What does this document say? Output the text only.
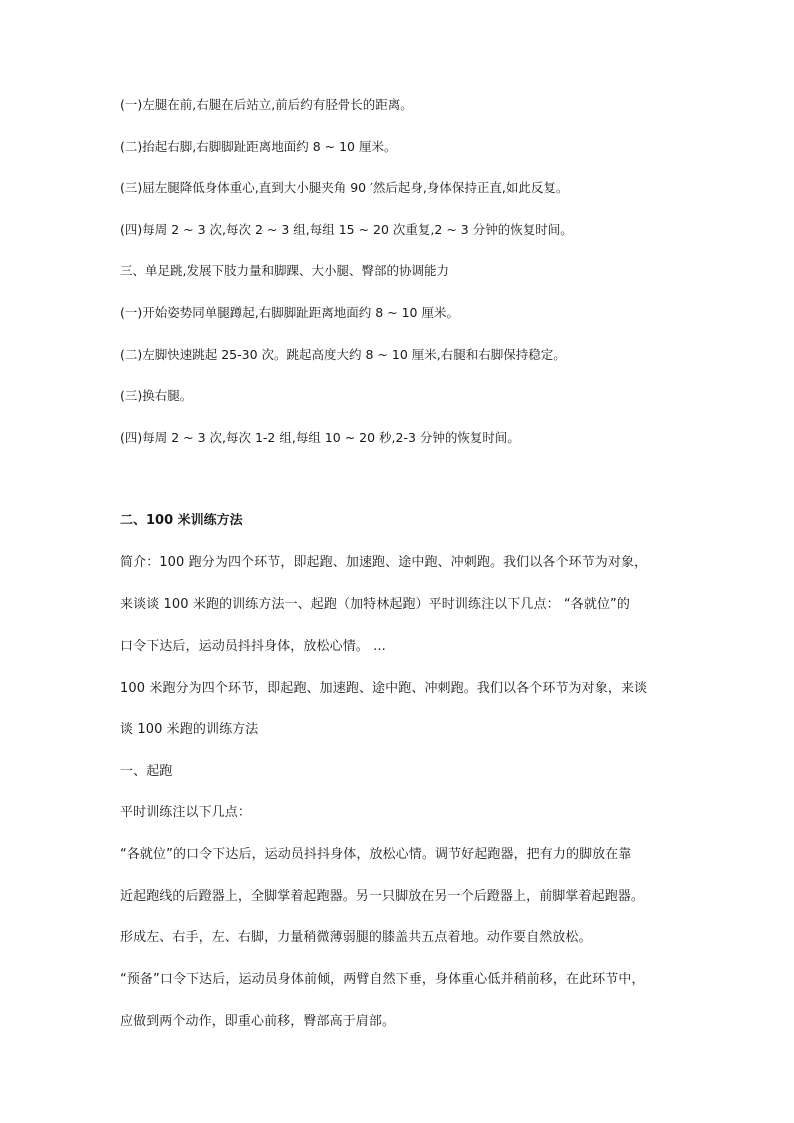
(一)左腿在前,右腿在后站立,前后约有胫骨长的距离。
(二)抬起右脚,右脚脚趾距离地面约 8 ~ 10 厘米。
(三)屈左腿降低身体重心,直到大小腿夹角 90 ′然后起身,身体保持正直,如此反复。
(四)每周 2 ~ 3 次,每次 2 ~ 3 组,每组 15 ~ 20 次重复,2 ~ 3 分钟的恢复时间。
三、单足跳,发展下肢力量和脚踝、大小腿、臀部的协调能力
(一)开始姿势同单腿蹲起,右脚脚趾距离地面约 8 ~ 10 厘米。
(二)左脚快速跳起 25-30 次。跳起高度大约 8 ~ 10 厘米,右腿和右脚保持稳定。
(三)换右腿。
(四)每周 2 ~ 3 次,每次 1-2 组,每组 10 ~ 20 秒,2-3 分钟的恢复时间。
二、100 米训练方法
简介：100 跑分为四个环节，即起跑、加速跑、途中跑、冲刺跑。我们以各个环节为对象，
来谈谈 100 米跑的训练方法一、起跑（加特林起跑）平时训练注以下几点： “各就位”的
口令下达后，运动员抖抖身体，放松心情。 ...
100 米跑分为四个环节，即起跑、加速跑、途中跑、冲刺跑。我们以各个环节为对象，来谈
谈 100 米跑的训练方法
一、起跑
平时训练注以下几点：
“各就位”的口令下达后，运动员抖抖身体，放松心情。调节好起跑器，把有力的脚放在靠
近起跑线的后蹬器上，全脚掌着起跑器。另一只脚放在另一个后蹬器上，前脚掌着起跑器。
形成左、右手，左、右脚，力量稍微薄弱腿的膝盖共五点着地。动作要自然放松。
“预备”口令下达后，运动员身体前倾，两臂自然下垂，身体重心低并稍前移，在此环节中，
应做到两个动作，即重心前移，臀部高于肩部。
